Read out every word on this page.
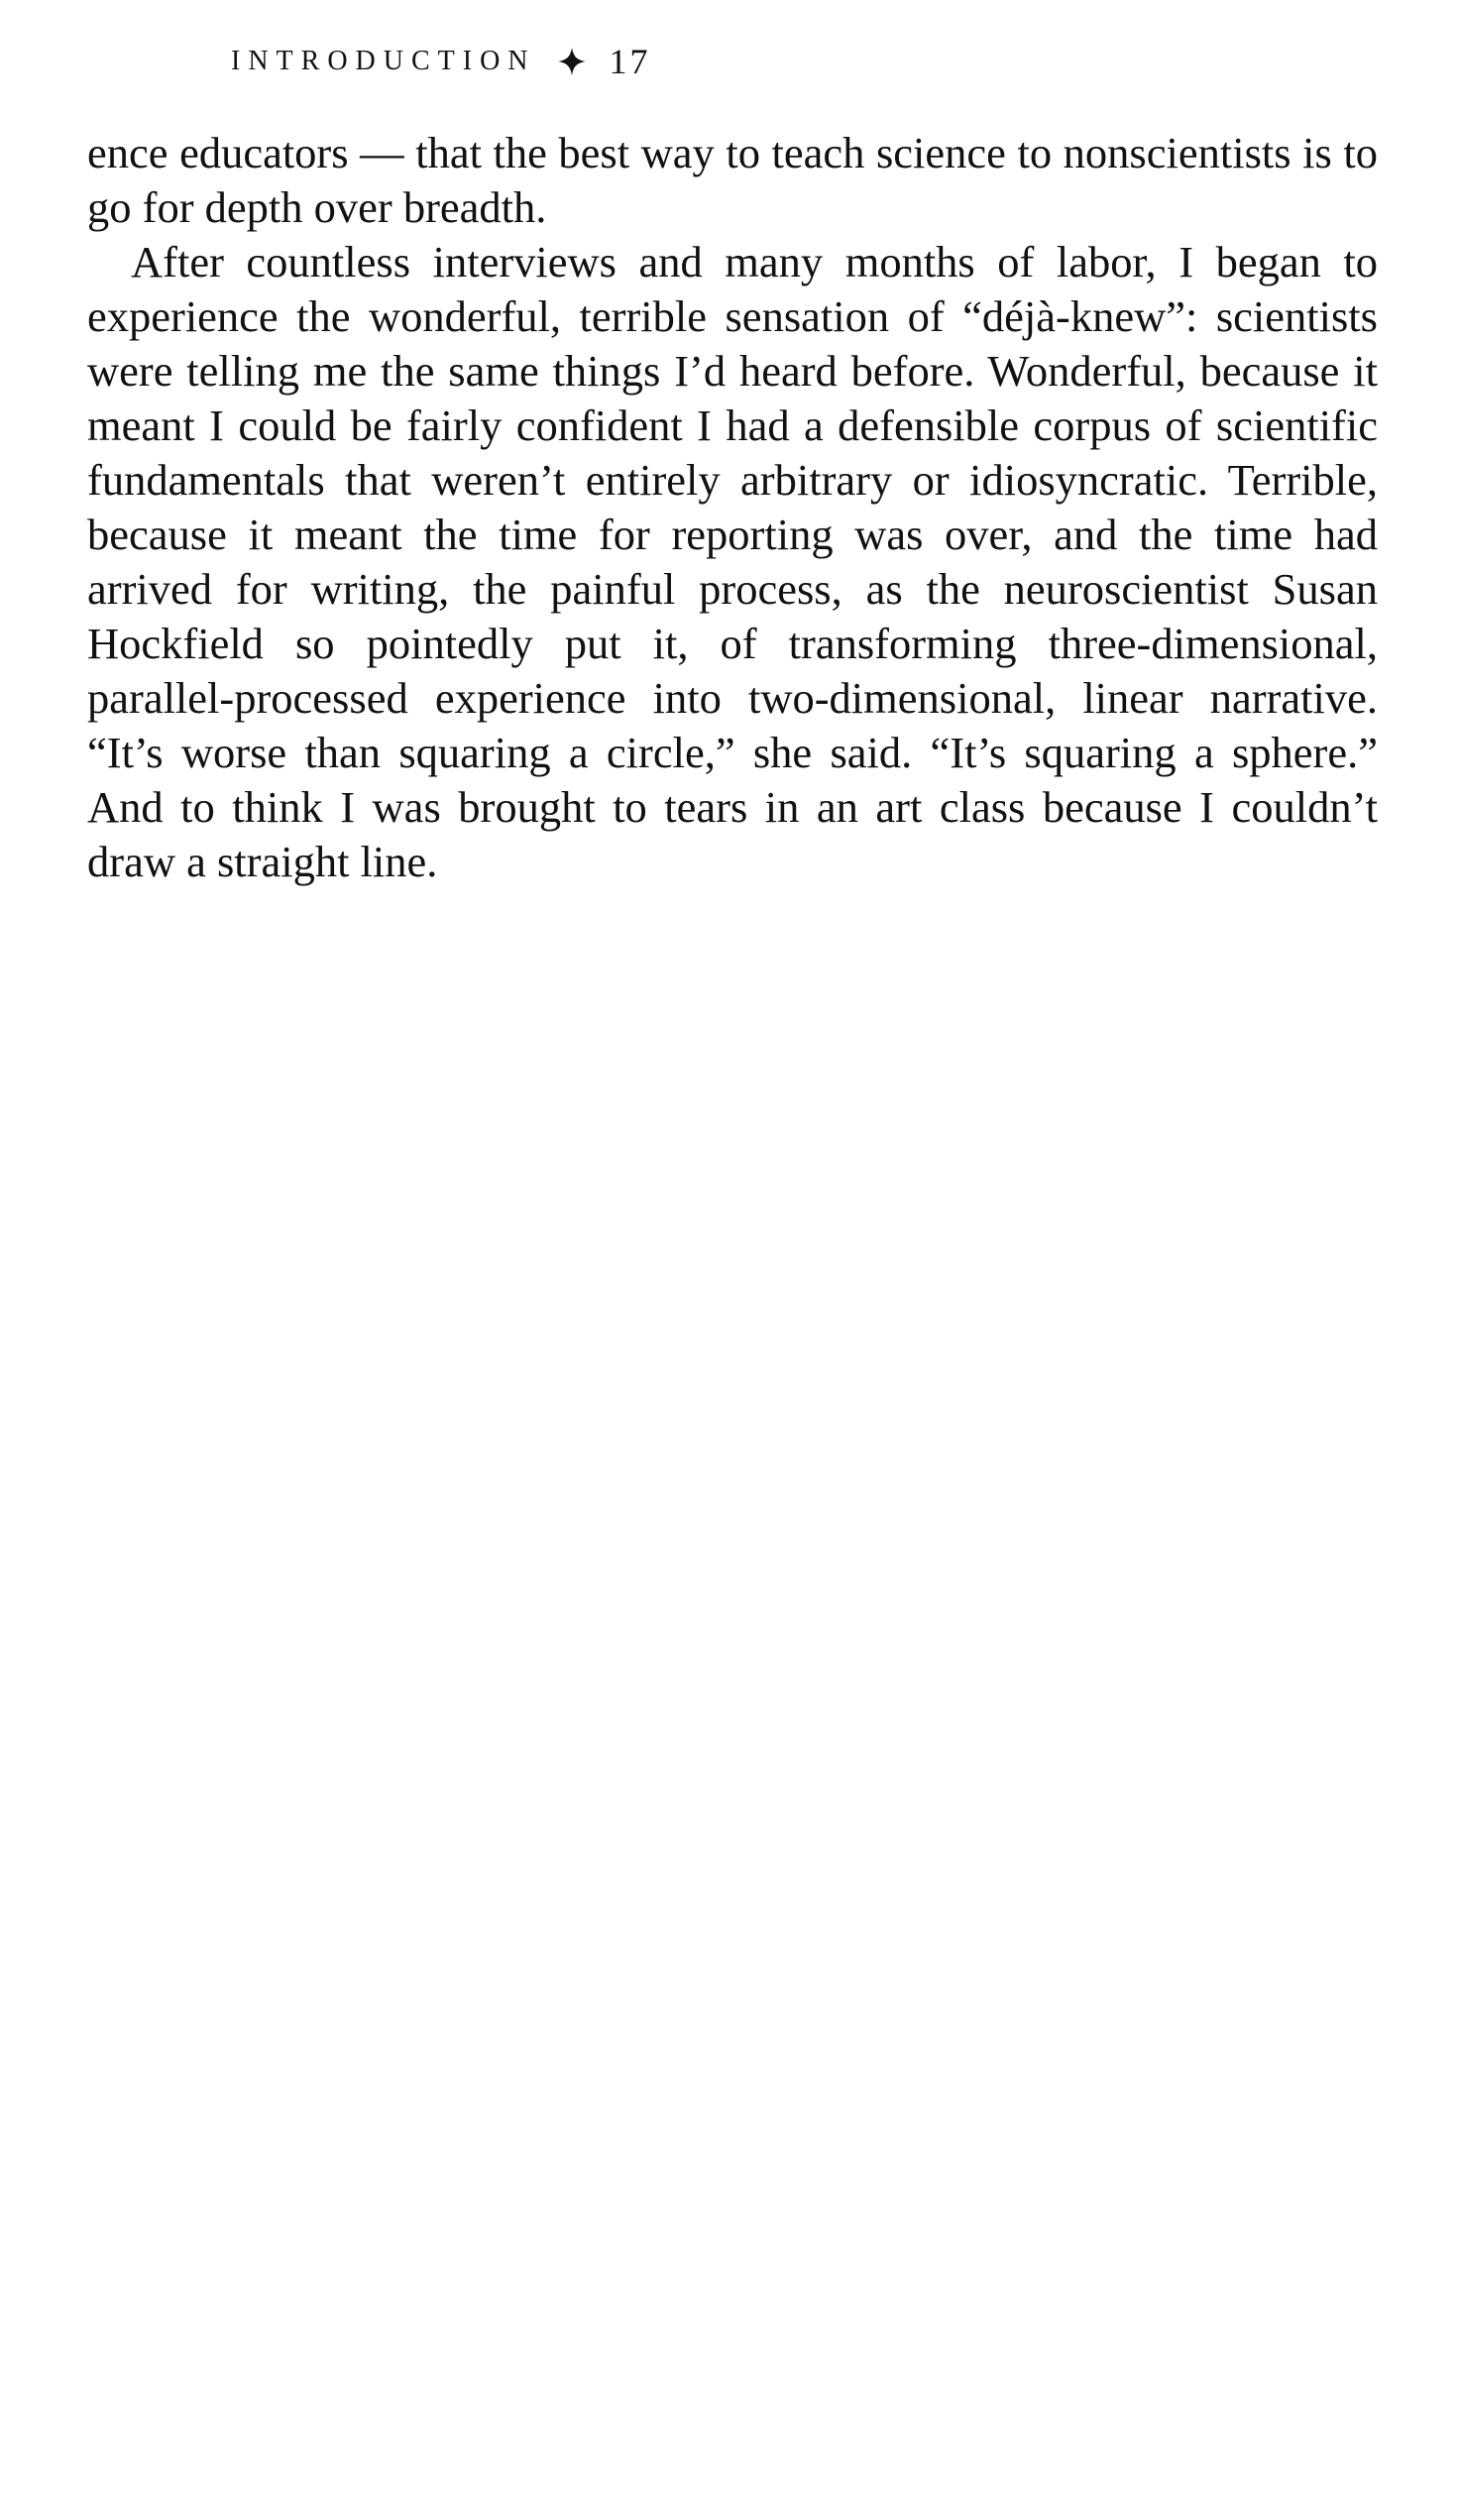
INTRODUCTION 17

ence educators — that the best way to teach science to nonscientists is to go for depth over breadth.

After countless interviews and many months of labor, I began to experience the wonderful, terrible sensation of “déjà-knew”: scientists were telling me the same things I’d heard before. Wonderful, because it meant I could be fairly confident I had a defensible corpus of scientific fundamentals that weren’t entirely arbitrary or idiosyncratic. Terrible, because it meant the time for reporting was over, and the time had arrived for writing, the painful process, as the neuroscientist Susan Hockfield so pointedly put it, of transforming three-dimensional, parallel-processed experience into two-dimensional, linear narrative. “It’s worse than squaring a circle,” she said. “It’s squaring a sphere.” And to think I was brought to tears in an art class because I couldn’t draw a straight line.
